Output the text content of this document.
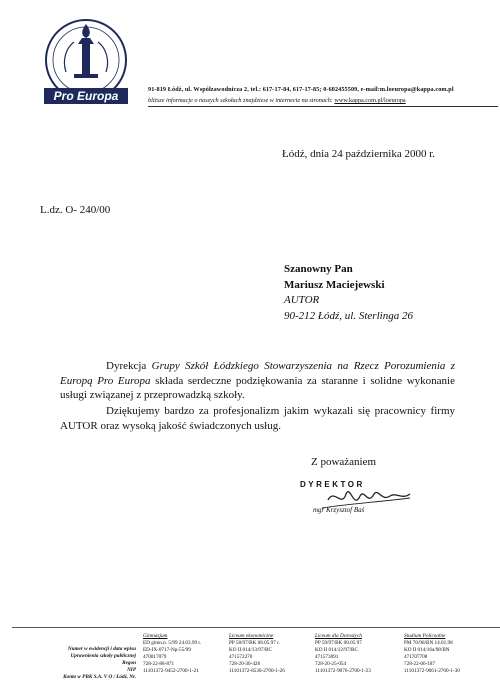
Pro Europa	91-819 Łódź, ul. Współzawodnicza 2, tel.: 617-17-84, 617-17-85; 0-602455509, e-mail:m.loeuropa@kappa.com.pl
bliższe informacje o naszych szkołach znajdziesz w internecie na stronach: www.kappa.com.pl/loeuropa
Łódź, dnia 24 października 2000 r.
L.dz. O- 240/00
Szanowny Pan
Mariusz Maciejewski
AUTOR
90-212 Łódź, ul. Sterlinga 26
Dyrekcja Grupy Szkół Łódzkiego Stowarzyszenia na Rzecz Porozumienia z Europą Pro Europa składa serdeczne podziękowania za staranne i solidne wykonanie usługi związanej z przeprowadzką szkoły.
Dziękujemy bardzo za profesjonalizm jakim wykazali się pracownicy firmy AUTOR oraz wysoką jakość świadczonych usług.
Z poważaniem
DYREKTOR
mgr Krzysztof Baś
Numer w ewidencji i data wpisu
Uprawnienia szkoły publicznej
Regon
NIP
Konto w PBK S.A. V O / Łódź, Nr.
Gimnazjum
ED gimn.n. 5/99 24.03.99 r.
ED-IX-0717-Np-55/99
470017079
728-22-88-871
11101372-9452-2700-1-21
Liceum ekonomiczne
PP 58/97/BK 08.05.97 r.
KO II 014/13/97/BC
471572270
728-20-30-428
11101372-8530-2700-1-26
Liceum dla Dorosłych
PP 59/97/BK 08.05.97
KO II 014/12/97/BC
471573091
728-20-25-054
11101372-9076-2700-1-23
Studium Policealne
PM 70/98/BN 14.01.98
KO II 014/16a/98/BN
471707708
728-22-06-187
11101372-9061-2700-1-30
